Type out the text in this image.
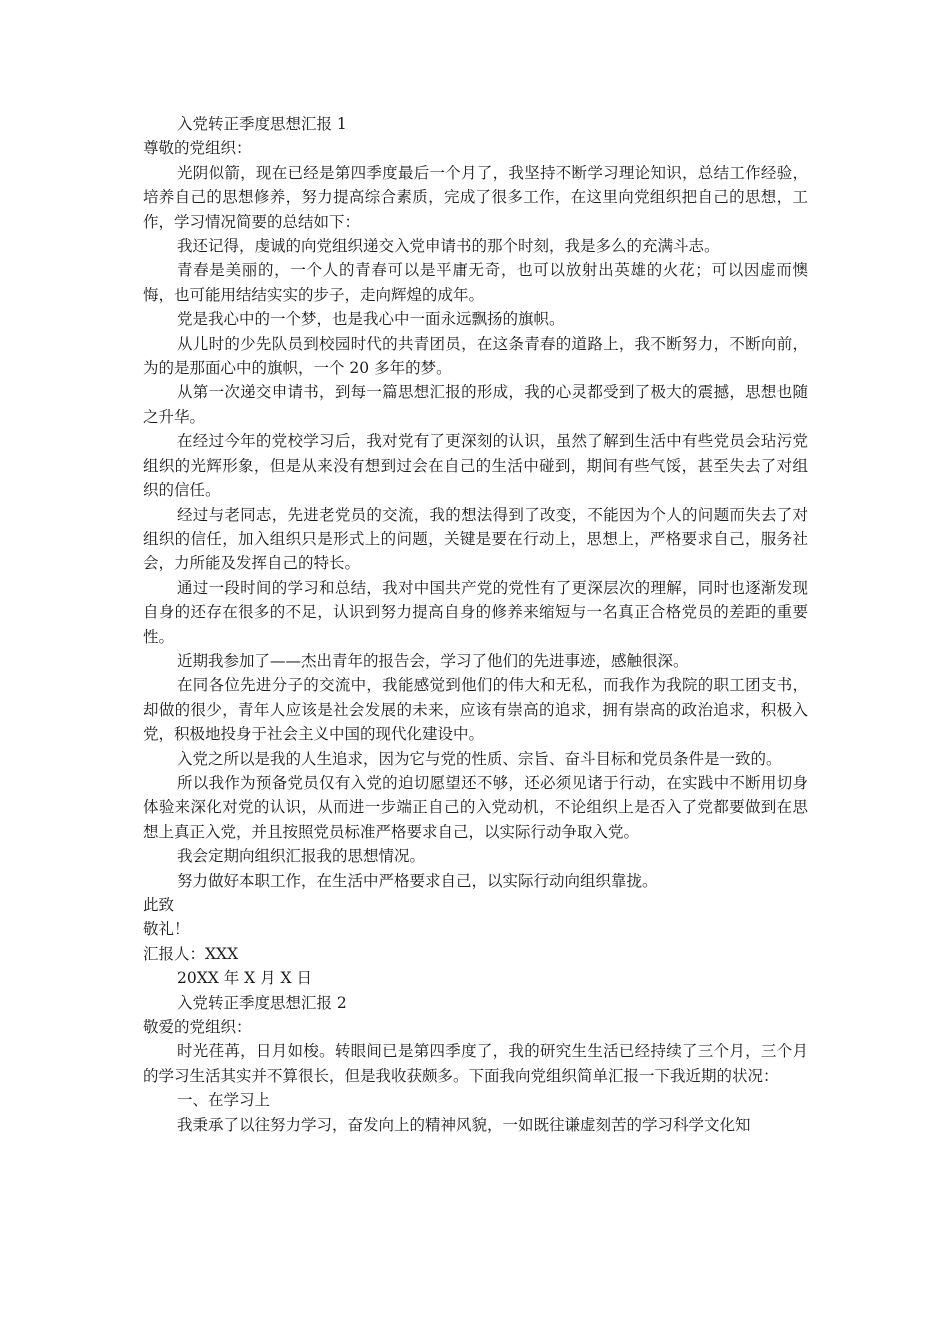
入党转正季度思想汇报 1

尊敬的党组织：

光阴似箭，现在已经是第四季度最后一个月了，我坚持不断学习理论知识，总结工作经验，培养自己的思想修养，努力提高综合素质，完成了很多工作，在这里向党组织把自己的思想，工作，学习情况简要的总结如下：

我还记得，虔诚的向党组织递交入党申请书的那个时刻，我是多么的充满斗志。

青春是美丽的，一个人的青春可以是平庸无奇，也可以放射出英雄的火花；可以因虚而懊悔，也可能用结结实实的步子，走向辉煌的成年。

党是我心中的一个梦，也是我心中一面永远飘扬的旗帜。

从儿时的少先队员到校园时代的共青团员，在这条青春的道路上，我不断努力，不断向前，为的是那面心中的旗帜，一个 20 多年的梦。

从第一次递交申请书，到每一篇思想汇报的形成，我的心灵都受到了极大的震撼，思想也随之升华。

在经过今年的党校学习后，我对党有了更深刻的认识，虽然了解到生活中有些党员会玷污党组织的光辉形象，但是从来没有想到过会在自己的生活中碰到，期间有些气馁，甚至失去了对组织的信任。

经过与老同志，先进老党员的交流，我的想法得到了改变，不能因为个人的问题而失去了对组织的信任，加入组织只是形式上的问题，关键是要在行动上，思想上，严格要求自己，服务社会，力所能及发挥自己的特长。

通过一段时间的学习和总结，我对中国共产党的党性有了更深层次的理解，同时也逐渐发现自身的还存在很多的不足，认识到努力提高自身的修养来缩短与一名真正合格党员的差距的重要性。

近期我参加了——杰出青年的报告会，学习了他们的先进事迹，感触很深。

在同各位先进分子的交流中，我能感觉到他们的伟大和无私，而我作为我院的职工团支书，却做的很少，青年人应该是社会发展的未来，应该有崇高的追求，拥有崇高的政治追求，积极入党，积极地投身于社会主义中国的现代化建设中。

入党之所以是我的人生追求，因为它与党的性质、宗旨、奋斗目标和党员条件是一致的。

所以我作为预备党员仅有入党的迫切愿望还不够，还必须见诸于行动，在实践中不断用切身体验来深化对党的认识，从而进一步端正自己的入党动机，不论组织上是否入了党都要做到在思想上真正入党，并且按照党员标准严格要求自己，以实际行动争取入党。

我会定期向组织汇报我的思想情况。

努力做好本职工作，在生活中严格要求自己，以实际行动向组织靠拢。

此致

敬礼！

汇报人：XXX

20XX 年 X 月 X 日

入党转正季度思想汇报 2

敬爱的党组织：

时光荏苒，日月如梭。转眼间已是第四季度了，我的研究生生活已经持续了三个月，三个月的学习生活其实并不算很长，但是我收获颇多。下面我向党组织简单汇报一下我近期的状况：

一、在学习上

我秉承了以往努力学习，奋发向上的精神风貌，一如既往谦虚刻苦的学习科学文化知
